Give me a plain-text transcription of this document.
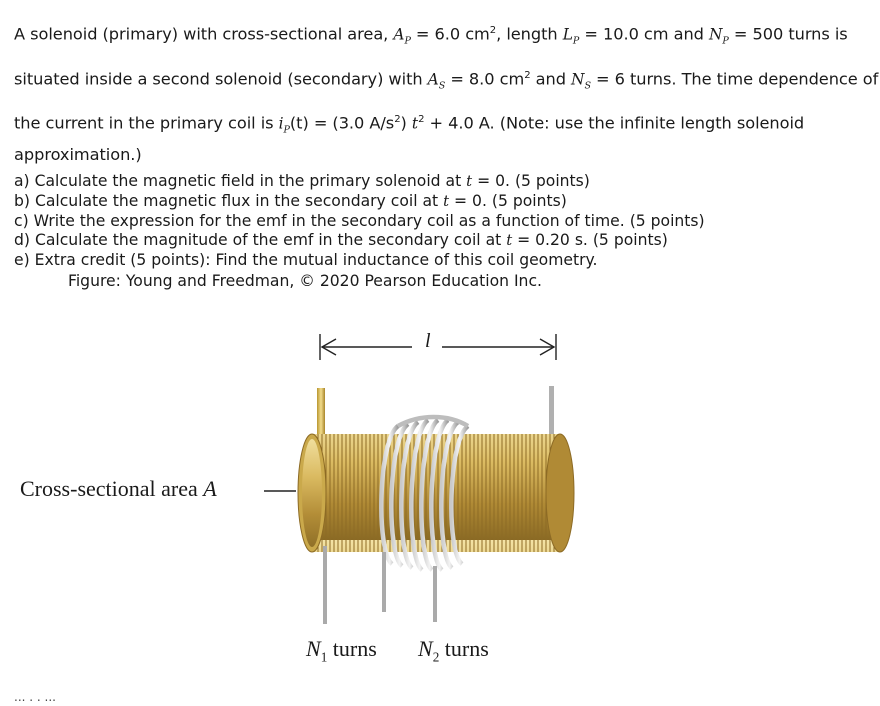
A solenoid (primary) with cross-sectional area, $A_P = 6.0$ $cm^2$, length $L_P = 10.0$ cm and $N_P = 500$ turns is
situated inside a second solenoid (secondary) with $A_S = 8.0$ $cm^2$ and $N_S = 6$ turns. The time dependence of
the current in the primary coil is $i_P(t) = (3.0$ $A/s^2$) $t^2 + 4.0$ A. (Note: use the infinite length solenoid
approximation.)
a) Calculate the magnetic field in the primary solenoid at t = 0. (5 points)
b) Calculate the magnetic flux in the secondary coil at t = 0. (5 points)
c) Write the expression for the emf in the secondary coil as a function of time. (5 points)
d) Calculate the magnitude of the emf in the secondary coil at t = 0.20 s. (5 points)
e) Extra credit (5 points): Find the mutual inductance of this coil geometry.
Figure: Young and Freedman, © 2020 Pearson Education Inc.
l
Cross-sectional area A
$N_1$ turns $N_2$ turns
... . . ...
